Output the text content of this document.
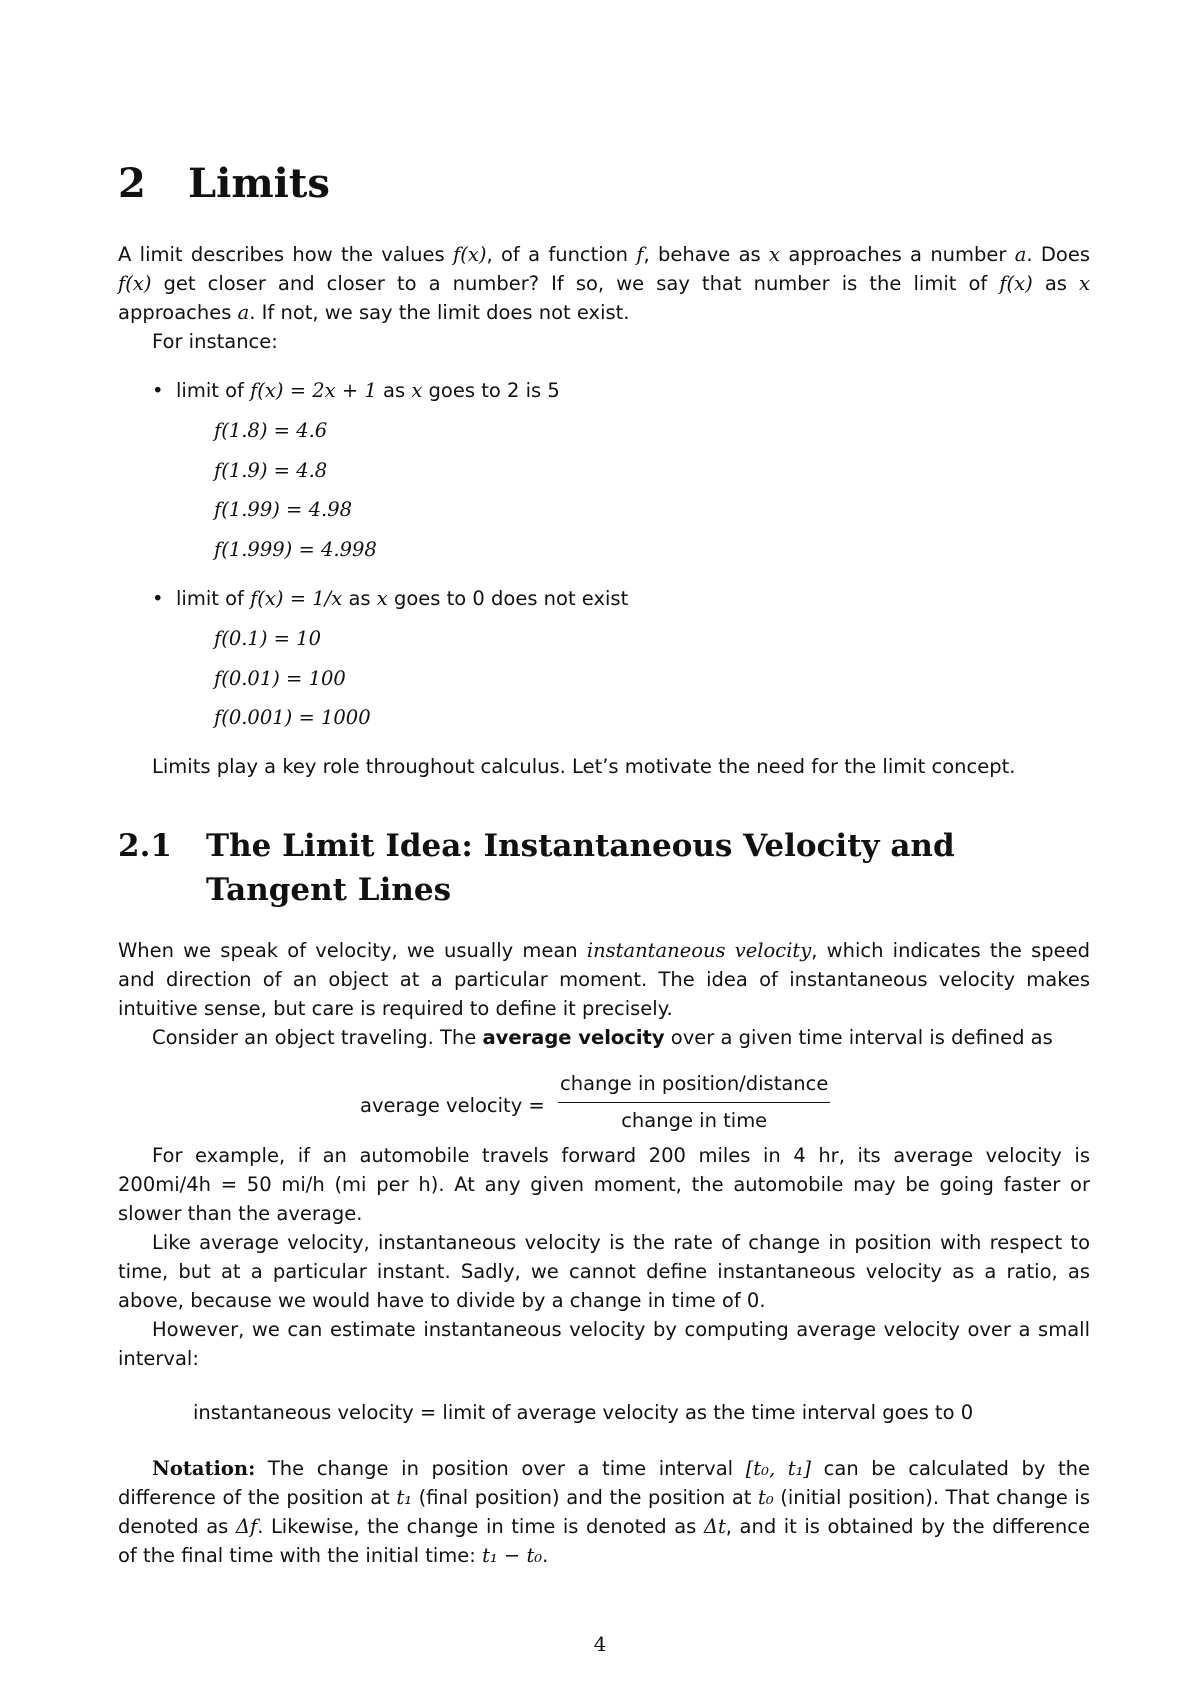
2 Limits

A limit describes how the values f(x), of a function f, behave as x approaches a number a. Does f(x) get closer and closer to a number? If so, we say that number is the limit of f(x) as x approaches a. If not, we say the limit does not exist.

For instance:

• limit of f(x) = 2x + 1 as x goes to 2 is 5

f(1.8) = 4.6

f(1.9) = 4.8

f(1.99) = 4.98

f(1.999) = 4.998

• limit of f(x) = 1/x as x goes to 0 does not exist

f(0.1) = 10

f(0.01) = 100

f(0.001) = 1000

Limits play a key role throughout calculus. Let’s motivate the need for the limit concept.

2.1 The Limit Idea: Instantaneous Velocity and Tangent Lines

When we speak of velocity, we usually mean instantaneous velocity, which indicates the speed and direction of an object at a particular moment. The idea of instantaneous velocity makes intuitive sense, but care is required to define it precisely.

Consider an object traveling. The average velocity over a given time interval is defined as

average velocity =
change in position/distance
change in time

For example, if an automobile travels forward 200 miles in 4 hr, its average velocity is 200mi/4h = 50 mi/h (mi per h). At any given moment, the automobile may be going faster or slower than the average.

Like average velocity, instantaneous velocity is the rate of change in position with respect to time, but at a particular instant. Sadly, we cannot define instantaneous velocity as a ratio, as above, because we would have to divide by a change in time of 0.

However, we can estimate instantaneous velocity by computing average velocity over a small interval:

instantaneous velocity = limit of average velocity as the time interval goes to 0

Notation: The change in position over a time interval [t₀, t₁] can be calculated by the difference of the position at t₁ (final position) and the position at t₀ (initial position). That change is denoted as Δf. Likewise, the change in time is denoted as Δt, and it is obtained by the difference of the final time with the initial time: t₁ − t₀.

4
